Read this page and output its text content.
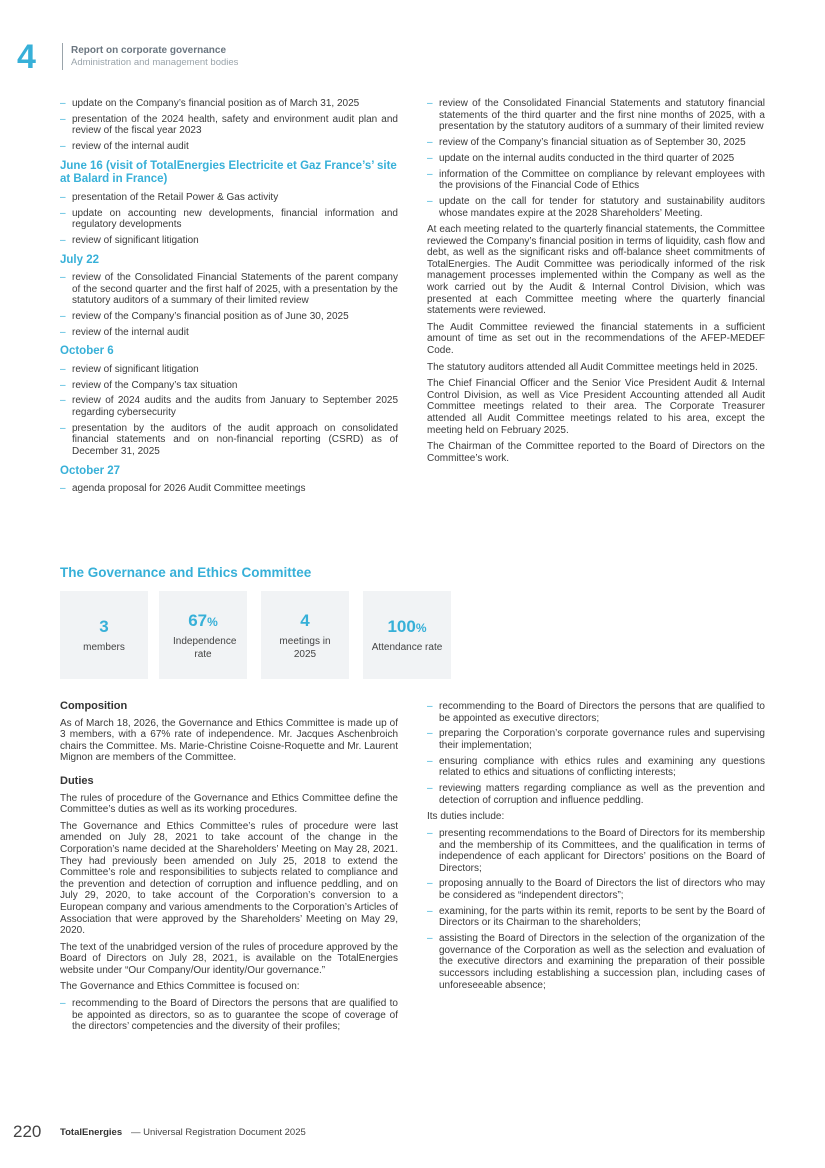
4	Report on corporate governance
Administration and management bodies
– update on the Company’s financial position as of March 31, 2025
– presentation of the 2024 health, safety and environment audit plan and review of the fiscal year 2023
– review of the internal audit
June 16 (visit of TotalEnergies Electricite et Gaz France’s’ site at Balard in France)
– presentation of the Retail Power & Gas activity
– update on accounting new developments, financial information and regulatory developments
– review of significant litigation
July 22
– review of the Consolidated Financial Statements of the parent company of the second quarter and the first half of 2025, with a presentation by the statutory auditors of a summary of their limited review
– review of the Company’s financial position as of June 30, 2025
– review of the internal audit
October 6
– review of significant litigation
– review of the Company’s tax situation
– review of 2024 audits and the audits from January to September 2025 regarding cybersecurity
– presentation by the auditors of the audit approach on consolidated financial statements and on non-financial reporting (CSRD) as of December 31, 2025
October 27
– agenda proposal for 2026 Audit Committee meetings
– review of the Consolidated Financial Statements and statutory financial statements of the third quarter and the first nine months of 2025, with a presentation by the statutory auditors of a summary of their limited review
– review of the Company’s financial situation as of September 30, 2025
– update on the internal audits conducted in the third quarter of 2025
– information of the Committee on compliance by relevant employees with the provisions of the Financial Code of Ethics
– update on the call for tender for statutory and sustainability auditors whose mandates expire at the 2028 Shareholders’ Meeting.

At each meeting related to the quarterly financial statements, the Committee reviewed the Company’s financial position in terms of liquidity, cash flow and debt, as well as the significant risks and off-balance sheet commitments of TotalEnergies. The Audit Committee was periodically informed of the risk management processes implemented within the Company as well as the work carried out by the Audit & Internal Control Division, which was presented at each Committee meeting where the quarterly financial statements were reviewed.

The Audit Committee reviewed the financial statements in a sufficient amount of time as set out in the recommendations of the AFEP-MEDEF Code.

The statutory auditors attended all Audit Committee meetings held in 2025.

The Chief Financial Officer and the Senior Vice President Audit & Internal Control Division, as well as Vice President Accounting attended all Audit Committee meetings related to their area. The Corporate Treasurer attended all Audit Committee meetings related to his area, except the meeting held on February 2025.

The Chairman of the Committee reported to the Board of Directors on the Committee’s work.

The Governance and Ethics Committee
3
members
67%
Independence rate
4
meetings in 2025
100%
Attendance rate
Composition

As of March 18, 2026, the Governance and Ethics Committee is made up of 3 members, with a 67% rate of independence. Mr. Jacques Aschenbroich chairs the Committee. Ms. Marie-Christine Coisne-Roquette and Mr. Laurent Mignon are members of the Committee.

Duties

The rules of procedure of the Governance and Ethics Committee define the Committee’s duties as well as its working procedures.

The Governance and Ethics Committee’s rules of procedure were last amended on July 28, 2021 to take account of the change in the Corporation’s name decided at the Shareholders’ Meeting on May 28, 2021. They had previously been amended on July 25, 2018 to extend the Committee’s role and responsibilities to subjects related to compliance and the prevention and detection of corruption and influence peddling, and on July 29, 2020, to take account of the Corporation’s conversion to a European company and various amendments to the Corporation’s Articles of Association that were approved by the Shareholders’ Meeting on May 29, 2020.

The text of the unabridged version of the rules of procedure approved by the Board of Directors on July 28, 2021, is available on the TotalEnergies website under “Our Company/Our identity/Our governance.”

The Governance and Ethics Committee is focused on:

– recommending to the Board of Directors the persons that are qualified to be appointed as directors, so as to guarantee the scope of coverage of the directors’ competencies and the diversity of their profiles;
– recommending to the Board of Directors the persons that are qualified to be appointed as executive directors;
– preparing the Corporation’s corporate governance rules and supervising their implementation;
– ensuring compliance with ethics rules and examining any questions related to ethics and situations of conflicting interests;
– reviewing matters regarding compliance as well as the prevention and detection of corruption and influence peddling.

Its duties include:

– presenting recommendations to the Board of Directors for its membership and the membership of its Committees, and the qualification in terms of independence of each applicant for Directors’ positions on the Board of Directors;
– proposing annually to the Board of Directors the list of directors who may be considered as “independent directors”;
– examining, for the parts within its remit, reports to be sent by the Board of Directors or its Chairman to the shareholders;
– assisting the Board of Directors in the selection of the organization of the governance of the Corporation as well as the selection and evaluation of the executive directors and examining the preparation of their possible successors including establishing a succession plan, including cases of unforeseeable absence;
220 TotalEnergies — Universal Registration Document 2025
